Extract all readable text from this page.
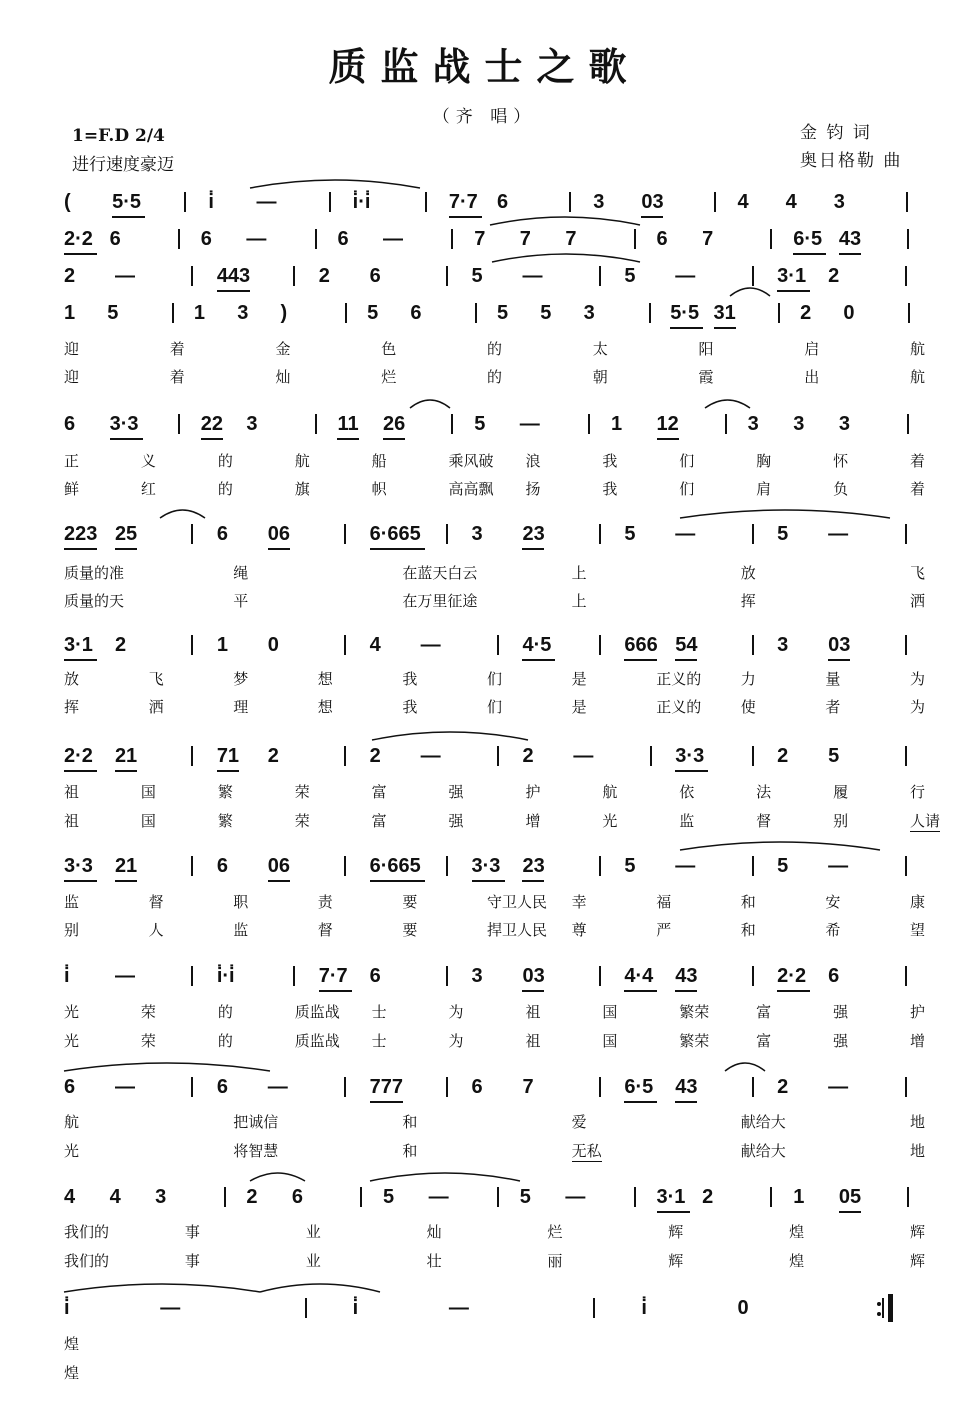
质监战士之歌
（齐 唱）
1=F.D 2/4
进行速度豪迈
金 钧 词
奥日格勒 曲
( 5·5	i̇ —	i̇·i̇	7·7 6	3 03	4 4 3
2·2 6	6 —	6 —	7 7 7	6 7	6·5 43
2 —	443	2 6	5 —	5 —	3·1 2
1 5	1 3 )	5 6	5 5 3	5·5 31	2 0
迎	着	金	色	的	太	阳	启	航
迎	着	灿	烂	的	朝	霞	出	航
6 3·3	22 3	11 26	5 —	1 12	3 3 3
正	义	的	航	船	乘风破 浪	我	们	胸	怀	着
鲜	红	的	旗	帜	高高飘 扬	我	们	肩	负	着
223 25	6 06	6·665	3 23	5 —	5 —
质量的准	绳	在蓝天白云	上	放	飞
质量的天	平	在万里征途	上	挥	洒
3·1 2	1 0	4 —	4·5	666 54	3 03
放	飞	梦	想	我	们	是	正义的	力	量	为
挥	洒	理	想	我	们	是	正义的	使	者	为
2·2 21	71 2	2 —	2 —	3·3	2 5
祖	国	繁	荣	富	强	护	航	依	法	履	行
祖	国	繁	荣	富	强	增	光	监	督	别	人请
3·3 21	6 06	6·665	3·3 23	5 —	5 —
监	督	职	责	要	守卫人民 幸	福	和	安	康
别	人	监	督	要	捍卫人民 尊	严	和	希	望
i̇ —	i̇·i̇	7·7 6	3 03	4·4 43	2·2 6
光	荣	的	质监战 士	为	祖	国	繁荣	富	强	护
光	荣	的	质监战 士	为	祖	国	繁荣	富	强	增
6 —	6 —	777	6 7	6·5 43	2 —
航	把诚信	和	爱	献给大	地
光	将智慧	和	无私	献给大	地
4 4 3	2 6	5 —	5 —	3·1 2	1 05
我们的	事	业	灿	烂	辉	煌	辉
我们的	事	业	壮	丽	辉	煌	辉
i̇	—	i̇	—	i̇	0
煌
煌
